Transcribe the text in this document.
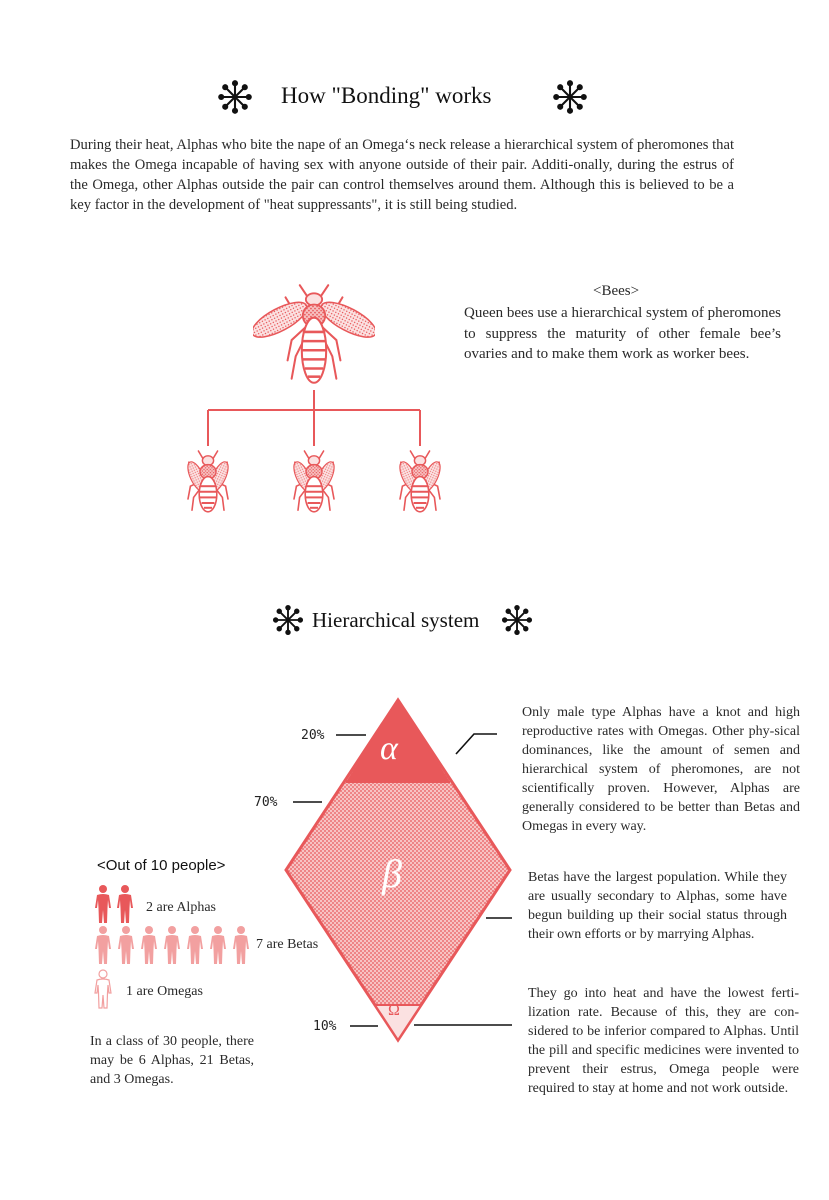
How "Bonding" works
During their heat, Alphas who bite the nape of an Omega‘s neck release a hierarchical system of pheromones that makes the Omega incapable of having sex with anyone outside of their pair. Additi-onally, during the estrus of the Omega, other Alphas outside the pair can control themselves around them. Although this is believed to be a key factor in the development of "heat suppressants", it is still being studied.
<Bees>
Queen bees use a hierarchical system of pheromones to suppress the maturity of other female bee’s ovaries and to make them work as worker bees.
Hierarchical system
α
β
Ω
20%
70%
10%
Only male type Alphas have a knot and high reproductive rates with Omegas. Other phy-sical dominances, like the amount of semen and hierarchical system of pheromones, are not scientifically proven. However, Alphas are generally considered to be better than Betas and Omegas in every way.
Betas have the largest population. While they are usually secondary to Alphas, some have begun building up their social status through their own efforts or by marrying Alphas.
They go into heat and have the lowest ferti-lization rate. Because of this, they are con-sidered to be inferior compared to Alphas. Until the pill and specific medicines were invented to prevent their estrus, Omega people were required to stay at home and not work outside.
<Out of 10 people>
2 are Alphas
7 are Betas
1 are Omegas
In a class of 30 people, there may be 6 Alphas, 21 Betas, and 3 Omegas.
